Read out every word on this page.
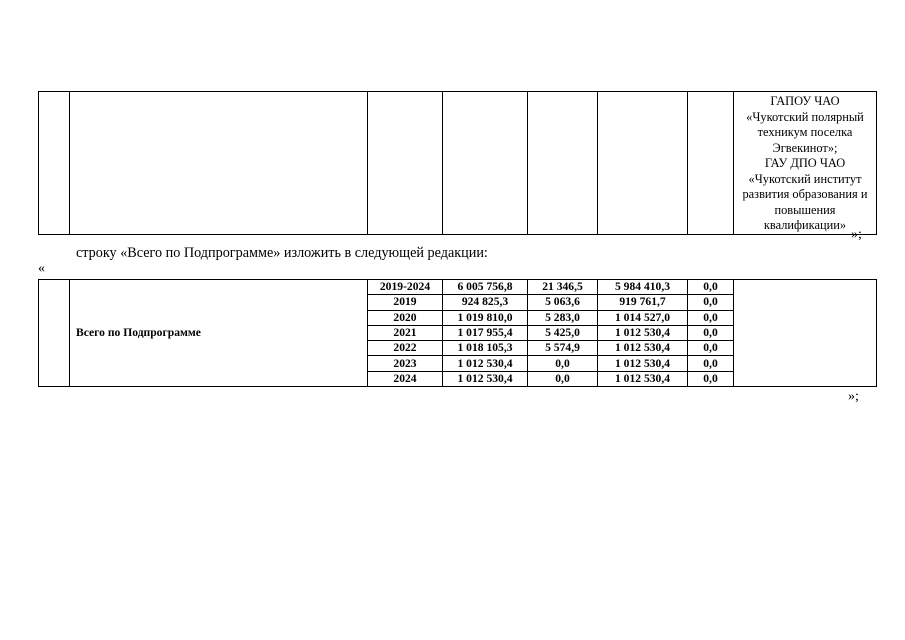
ГАПОУ ЧАО
«Чукотский полярный
техникум поселка
Эгвекинот»;
ГАУ ДПО ЧАО
«Чукотский институт
развития образования и
повышения
квалификации»
»;
строку «Всего по Подпрограмме» изложить в следующей редакции:
«
	Всего по Подпрограмме	2019-2024	6 005 756,8	21 346,5	5 984 410,3	0,0	
		2019	924 825,3	5 063,6	919 761,7	0,0	
		2020	1 019 810,0	5 283,0	1 014 527,0	0,0	
		2021	1 017 955,4	5 425,0	1 012 530,4	0,0	
		2022	1 018 105,3	5 574,9	1 012 530,4	0,0	
		2023	1 012 530,4	0,0	1 012 530,4	0,0	
		2024	1 012 530,4	0,0	1 012 530,4	0,0	
»;
